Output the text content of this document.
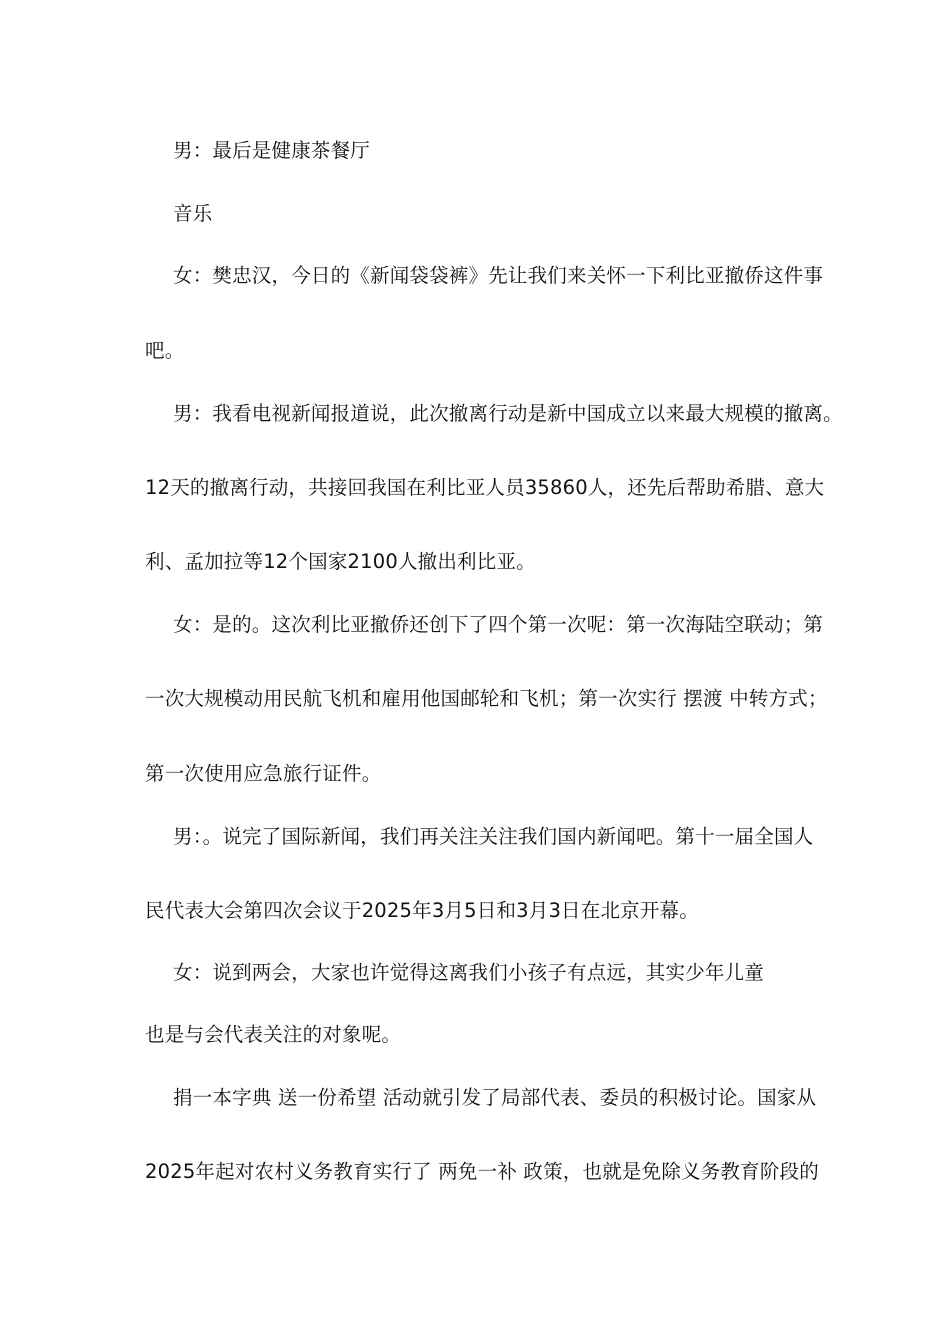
男：最后是健康茶餐厅
音乐
女：樊忠汉，今日的《新闻袋袋裤》先让我们来关怀一下利比亚撤侨这件事
吧。
男：我看电视新闻报道说，此次撤离行动是新中国成立以来最大规模的撤离。
12天的撤离行动，共接回我国在利比亚人员35860人，还先后帮助希腊、意大
利、孟加拉等12个国家2100人撤出利比亚。
女：是的。这次利比亚撤侨还创下了四个第一次呢：第一次海陆空联动；第
一次大规模动用民航飞机和雇用他国邮轮和飞机；第一次实行 摆渡 中转方式；
第一次使用应急旅行证件。
男：。说完了国际新闻，我们再关注关注我们国内新闻吧。第十一届全国人
民代表大会第四次会议于2025年3月5日和3月3日在北京开幕。
女：说到两会，大家也许觉得这离我们小孩子有点远，其实少年儿童
也是与会代表关注的对象呢。
捐一本字典 送一份希望 活动就引发了局部代表、委员的积极讨论。国家从
2025年起对农村义务教育实行了 两免一补 政策，也就是免除义务教育阶段的
